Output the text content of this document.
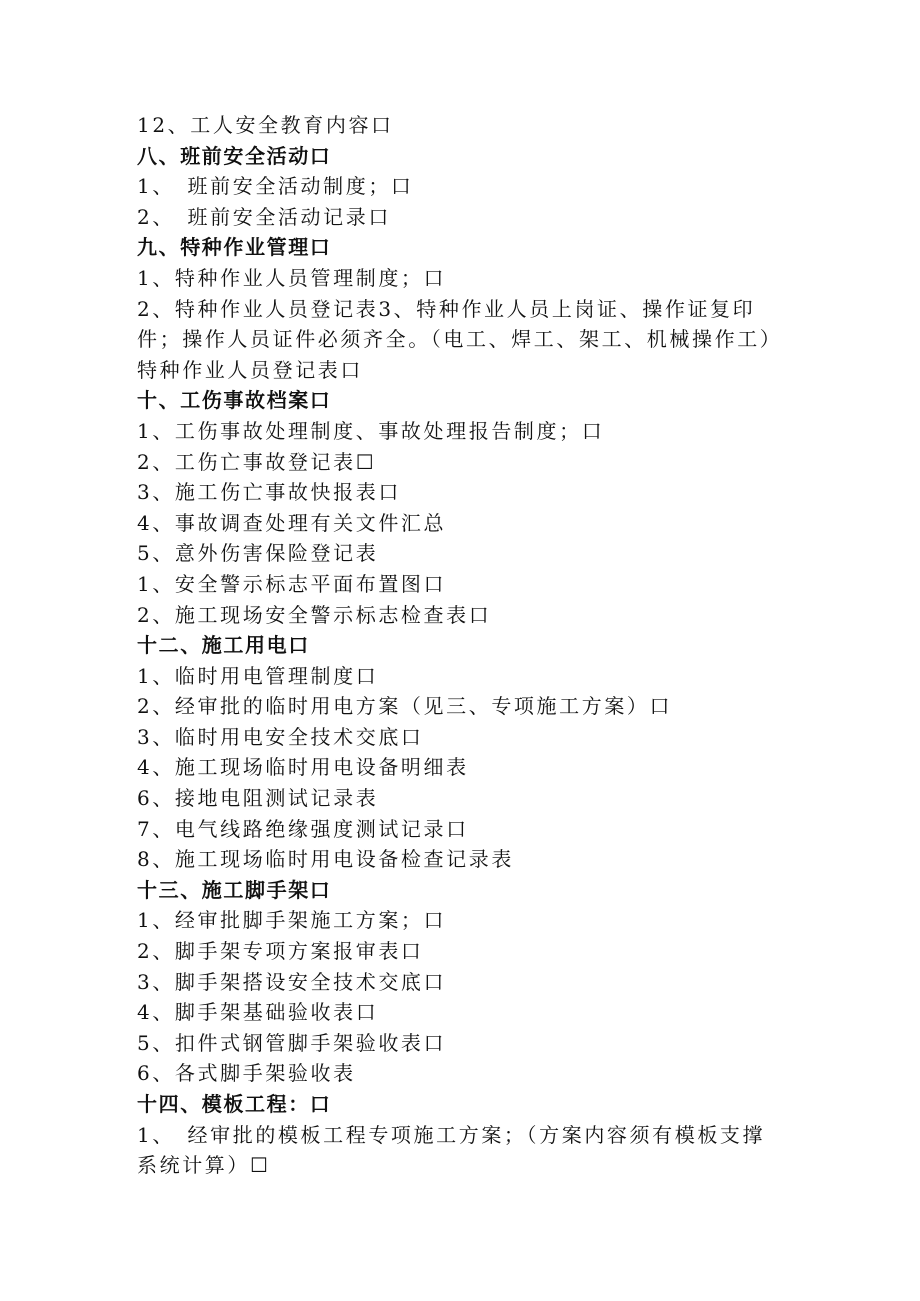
12、工人安全教育内容口
八、班前安全活动口
1、　班前安全活动制度；口
2、　班前安全活动记录口
九、特种作业管理口
1、特种作业人员管理制度；口
2、特种作业人员登记表3、特种作业人员上岗证、操作证复印件；操作人员证件必须齐全。（电工、焊工、架工、机械操作工）特种作业人员登记表口
十、工伤事故档案口
1、工伤事故处理制度、事故处理报告制度；口
2、工伤亡事故登记表☐
3、施工伤亡事故快报表口
4、事故调查处理有关文件汇总
5、意外伤害保险登记表
1、安全警示标志平面布置图口
2、施工现场安全警示标志检查表口
十二、施工用电口
1、临时用电管理制度口
2、经审批的临时用电方案（见三、专项施工方案）口
3、临时用电安全技术交底口
4、施工现场临时用电设备明细表
6、接地电阻测试记录表
7、电气线路绝缘强度测试记录口
8、施工现场临时用电设备检查记录表
十三、施工脚手架口
1、经审批脚手架施工方案；口
2、脚手架专项方案报审表口
3、脚手架搭设安全技术交底口
4、脚手架基础验收表口
5、扣件式钢管脚手架验收表口
6、各式脚手架验收表
十四、模板工程：口
1、　经审批的模板工程专项施工方案；（方案内容须有模板支撑系统计算）☐
